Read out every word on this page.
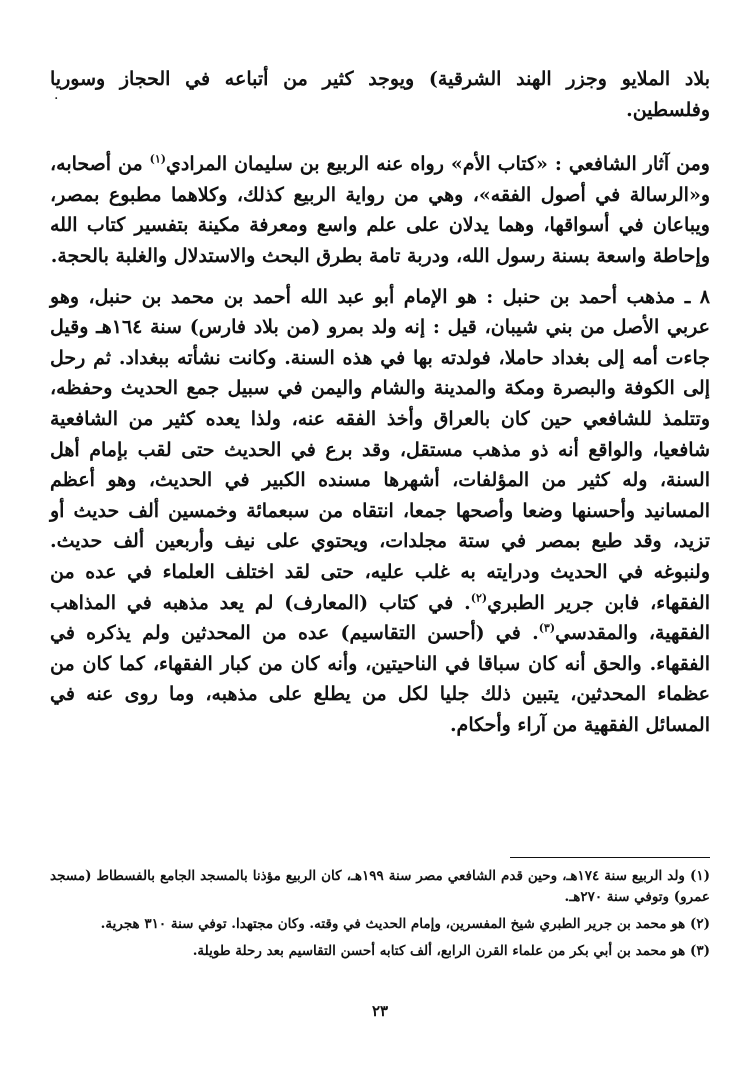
·

بلاد الملايو وجزر الهند الشرقية) ويوجد كثير من أتباعه في الحجاز وسوريا وفلسطين.

ومن آثار الشافعي : «كتاب الأم» رواه عنه الربيع بن سليمان المرادي$^{(١)}$ من أصحابه، و«الرسالة في أصول الفقه»، وهي من رواية الربيع كذلك، وكلاهما مطبوع بمصر، ويباعان في أسواقها، وهما يدلان على علم واسع ومعرفة مكينة بتفسير كتاب الله وإحاطة واسعة بسنة رسول الله، ودربة تامة بطرق البحث والاستدلال والغلبة بالحجة.

٨ ـ مذهب أحمد بن حنبل : هو الإمام أبو عبد الله أحمد بن محمد بن حنبل، وهو عربي الأصل من بني شيبان، قيل : إنه ولد بمرو (من بلاد فارس) سنة ١٦٤هـ وقيل جاءت أمه إلى بغداد حاملا، فولدته بها في هذه السنة. وكانت نشأته ببغداد. ثم رحل إلى الكوفة والبصرة ومكة والمدينة والشام واليمن في سبيل جمع الحديث وحفظه، وتتلمذ للشافعي حين كان بالعراق وأخذ الفقه عنه، ولذا يعده كثير من الشافعية شافعيا، والواقع أنه ذو مذهب مستقل، وقد برع في الحديث حتى لقب بإمام أهل السنة، وله كثير من المؤلفات، أشهرها مسنده الكبير في الحديث، وهو أعظم المسانيد وأحسنها وضعا وأصحها جمعا، انتقاه من سبعمائة وخمسين ألف حديث أو تزيد، وقد طبع بمصر في ستة مجلدات، ويحتوي على نيف وأربعين ألف حديث. ولنبوغه في الحديث ودرايته به غلب عليه، حتى لقد اختلف العلماء في عده من الفقهاء، فابن جرير الطبري$^{(٢)}$. في كتاب (المعارف) لم يعد مذهبه في المذاهب الفقهية، والمقدسي$^{(٣)}$. في (أحسن التقاسيم) عده من المحدثين ولم يذكره في الفقهاء. والحق أنه كان سباقا في الناحيتين، وأنه كان من كبار الفقهاء، كما كان من عظماء المحدثين، يتبين ذلك جليا لكل من يطلع على مذهبه، وما روى عنه في المسائل الفقهية من آراء وأحكام.

(١) ولد الربيع سنة ١٧٤هـ، وحين قدم الشافعي مصر سنة ١٩٩هـ، كان الربيع مؤذنا بالمسجد الجامع بالفسطاط (مسجد عمرو) وتوفي سنة ٢٧٠هـ.

(٢) هو محمد بن جرير الطبري شيخ المفسرين، وإمام الحديث في وقته. وكان مجتهدا. توفي سنة ٣١٠ هجرية.

(٣) هو محمد بن أبي بكر من علماء القرن الرابع، ألف كتابه أحسن التقاسيم بعد رحلة طويلة.

٢٣
